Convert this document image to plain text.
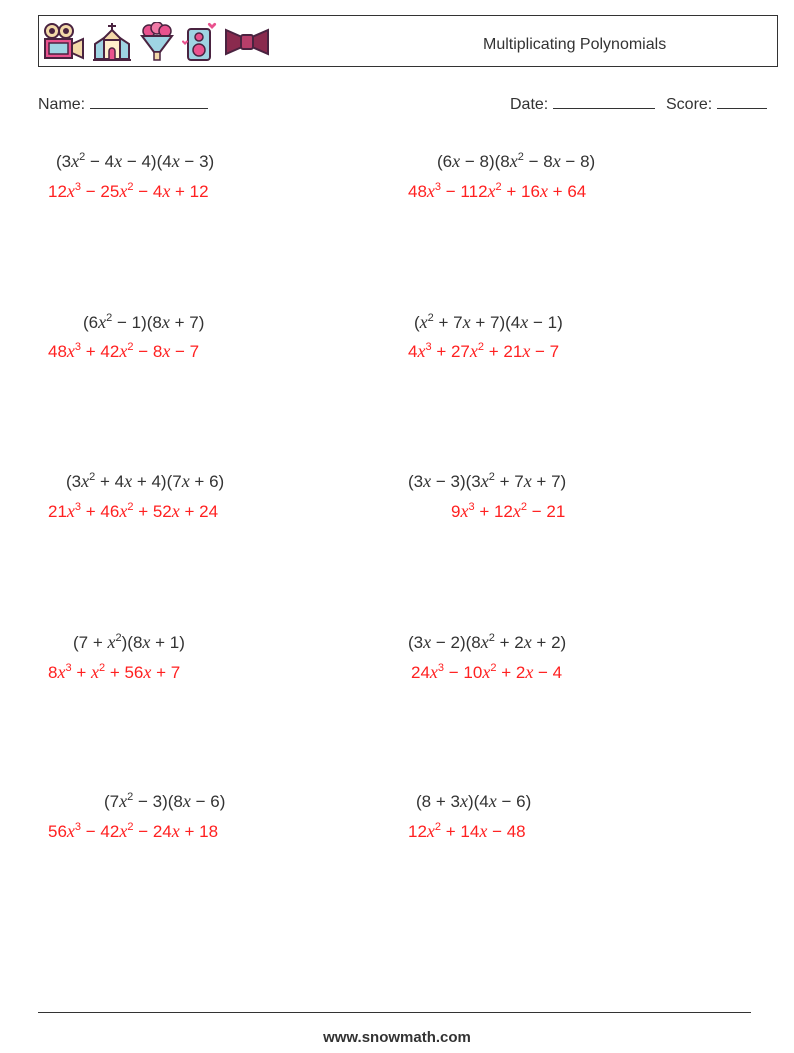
Multiplicating Polynomials
Name:	Date:	Score:
$(3x^2 - 4x - 4)(4x - 3)$
$12x^3 - 25x^2 - 4x + 12$
$(6x - 8)(8x^2 - 8x - 8)$
$48x^3 - 112x^2 + 16x + 64$
$(6x^2 - 1)(8x + 7)$
$48x^3 + 42x^2 - 8x - 7$
$(x^2 + 7x + 7)(4x - 1)$
$4x^3 + 27x^2 + 21x - 7$
$(3x^2 + 4x + 4)(7x + 6)$
$21x^3 + 46x^2 + 52x + 24$
$(3x - 3)(3x^2 + 7x + 7)$
$9x^3 + 12x^2 - 21$
$(7 + x^2)(8x + 1)$
$8x^3 + x^2 + 56x + 7$
$(3x - 2)(8x^2 + 2x + 2)$
$24x^3 - 10x^2 + 2x - 4$
$(7x^2 - 3)(8x - 6)$
$56x^3 - 42x^2 - 24x + 18$
(8 + 3x)(4x − 6)
$12x^2 + 14x - 48$
www.snowmath.com
